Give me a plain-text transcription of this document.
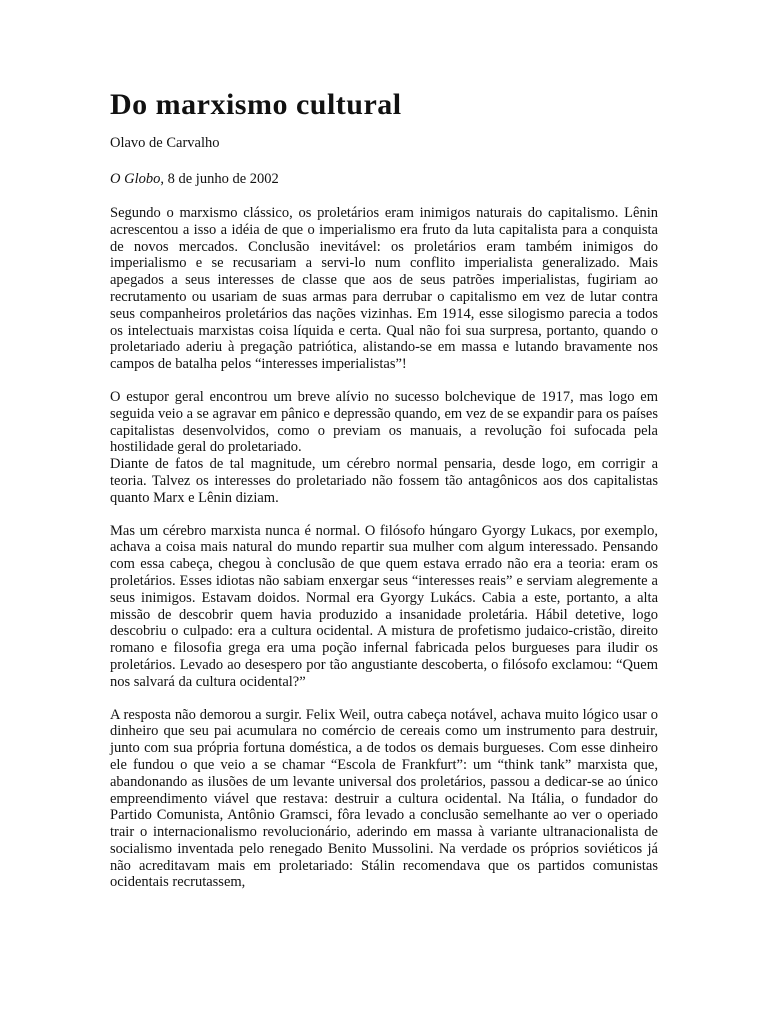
Do marxismo cultural

Olavo de Carvalho

O Globo, 8 de junho de 2002

Segundo o marxismo clássico, os proletários eram inimigos naturais do capitalismo. Lênin acrescentou a isso a idéia de que o imperialismo era fruto da luta capitalista para a conquista de novos mercados. Conclusão inevitável: os proletários eram também inimigos do imperialismo e se recusariam a servi-lo num conflito imperialista generalizado. Mais apegados a seus interesses de classe que aos de seus patrões imperialistas, fugiriam ao recrutamento ou usariam de suas armas para derrubar o capitalismo em vez de lutar contra seus companheiros proletários das nações vizinhas. Em 1914, esse silogismo parecia a todos os intelectuais marxistas coisa líquida e certa. Qual não foi sua surpresa, portanto, quando o proletariado aderiu à pregação patriótica, alistando-se em massa e lutando bravamente nos campos de batalha pelos “interesses imperialistas”!

O estupor geral encontrou um breve alívio no sucesso bolchevique de 1917, mas logo em seguida veio a se agravar em pânico e depressão quando, em vez de se expandir para os países capitalistas desenvolvidos, como o previam os manuais, a revolução foi sufocada pela hostilidade geral do proletariado.

Diante de fatos de tal magnitude, um cérebro normal pensaria, desde logo, em corrigir a teoria. Talvez os interesses do proletariado não fossem tão antagônicos aos dos capitalistas quanto Marx e Lênin diziam.

Mas um cérebro marxista nunca é normal. O filósofo húngaro Gyorgy Lukacs, por exemplo, achava a coisa mais natural do mundo repartir sua mulher com algum interessado. Pensando com essa cabeça, chegou à conclusão de que quem estava errado não era a teoria: eram os proletários. Esses idiotas não sabiam enxergar seus “interesses reais” e serviam alegremente a seus inimigos. Estavam doidos. Normal era Gyorgy Lukács. Cabia a este, portanto, a alta missão de descobrir quem havia produzido a insanidade proletária. Hábil detetive, logo descobriu o culpado: era a cultura ocidental. A mistura de profetismo judaico-cristão, direito romano e filosofia grega era uma poção infernal fabricada pelos burgueses para iludir os proletários. Levado ao desespero por tão angustiante descoberta, o filósofo exclamou: “Quem nos salvará da cultura ocidental?”

A resposta não demorou a surgir. Felix Weil, outra cabeça notável, achava muito lógico usar o dinheiro que seu pai acumulara no comércio de cereais como um instrumento para destruir, junto com sua própria fortuna doméstica, a de todos os demais burgueses. Com esse dinheiro ele fundou o que veio a se chamar “Escola de Frankfurt”: um “think tank” marxista que, abandonando as ilusões de um levante universal dos proletários, passou a dedicar-se ao único empreendimento viável que restava: destruir a cultura ocidental. Na Itália, o fundador do Partido Comunista, Antônio Gramsci, fôra levado a conclusão semelhante ao ver o operiado trair o internacionalismo revolucionário, aderindo em massa à variante ultranacionalista de socialismo inventada pelo renegado Benito Mussolini. Na verdade os próprios soviéticos já não acreditavam mais em proletariado: Stálin recomendava que os partidos comunistas ocidentais recrutassem,
